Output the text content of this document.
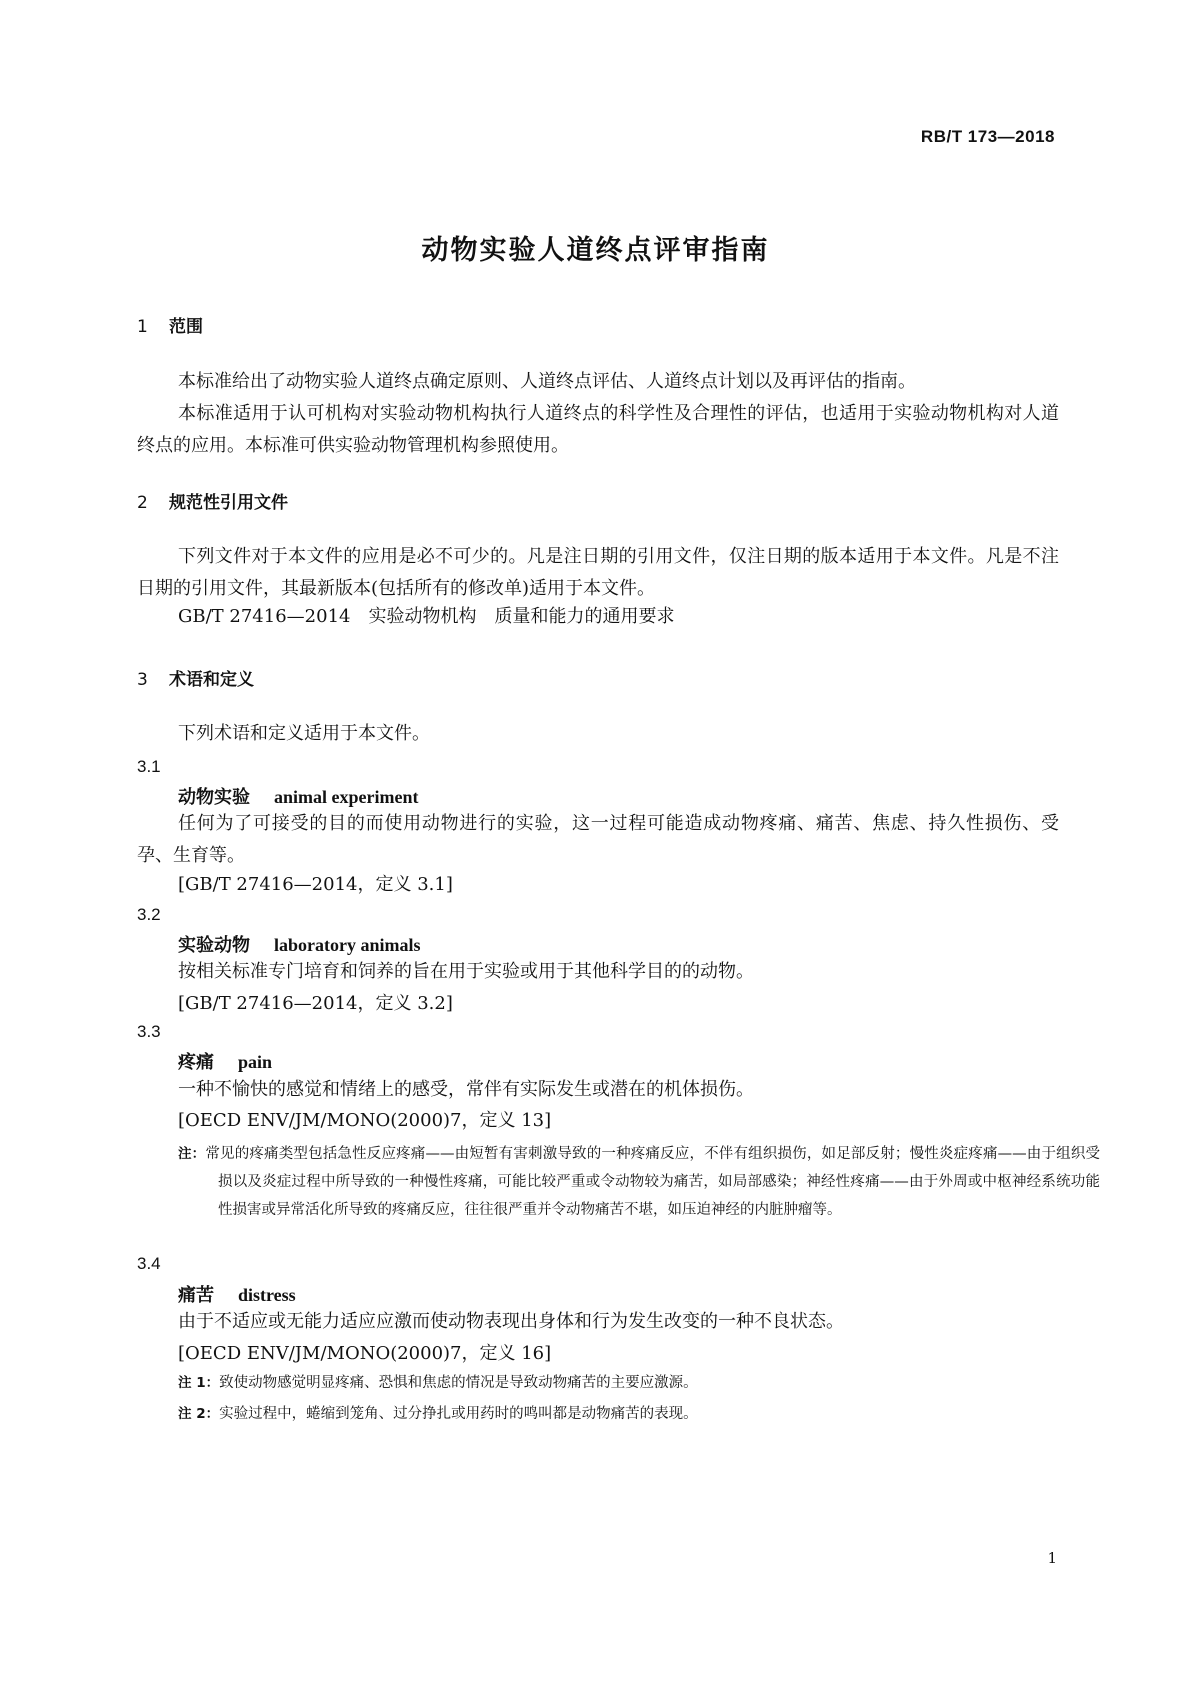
RB/T 173—2018
动物实验人道终点评审指南
1 范围
本标准给出了动物实验人道终点确定原则、人道终点评估、人道终点计划以及再评估的指南。
本标准适用于认可机构对实验动物机构执行人道终点的科学性及合理性的评估，也适用于实验动物机构对人道终点的应用。本标准可供实验动物管理机构参照使用。
2 规范性引用文件
下列文件对于本文件的应用是必不可少的。凡是注日期的引用文件，仅注日期的版本适用于本文件。凡是不注日期的引用文件，其最新版本(包括所有的修改单)适用于本文件。
GB/T 27416—2014　实验动物机构　质量和能力的通用要求
3 术语和定义
下列术语和定义适用于本文件。
3.1
动物实验 animal experiment
任何为了可接受的目的而使用动物进行的实验，这一过程可能造成动物疼痛、痛苦、焦虑、持久性损伤、受孕、生育等。
[GB/T 27416—2014，定义 3.1]
3.2
实验动物 laboratory animals
按相关标准专门培育和饲养的旨在用于实验或用于其他科学目的的动物。
[GB/T 27416—2014，定义 3.2]
3.3
疼痛 pain
一种不愉快的感觉和情绪上的感受，常伴有实际发生或潜在的机体损伤。
[OECD ENV/JM/MONO(2000)7，定义 13]
注：常见的疼痛类型包括急性反应疼痛——由短暂有害刺激导致的一种疼痛反应，不伴有组织损伤，如足部反射；慢性炎症疼痛——由于组织受损以及炎症过程中所导致的一种慢性疼痛，可能比较严重或令动物较为痛苦，如局部感染；神经性疼痛——由于外周或中枢神经系统功能性损害或异常活化所导致的疼痛反应，往往很严重并令动物痛苦不堪，如压迫神经的内脏肿瘤等。
3.4
痛苦 distress
由于不适应或无能力适应应激而使动物表现出身体和行为发生改变的一种不良状态。
[OECD ENV/JM/MONO(2000)7，定义 16]
注 1：致使动物感觉明显疼痛、恐惧和焦虑的情况是导致动物痛苦的主要应激源。
注 2：实验过程中，蜷缩到笼角、过分挣扎或用药时的鸣叫都是动物痛苦的表现。
1
